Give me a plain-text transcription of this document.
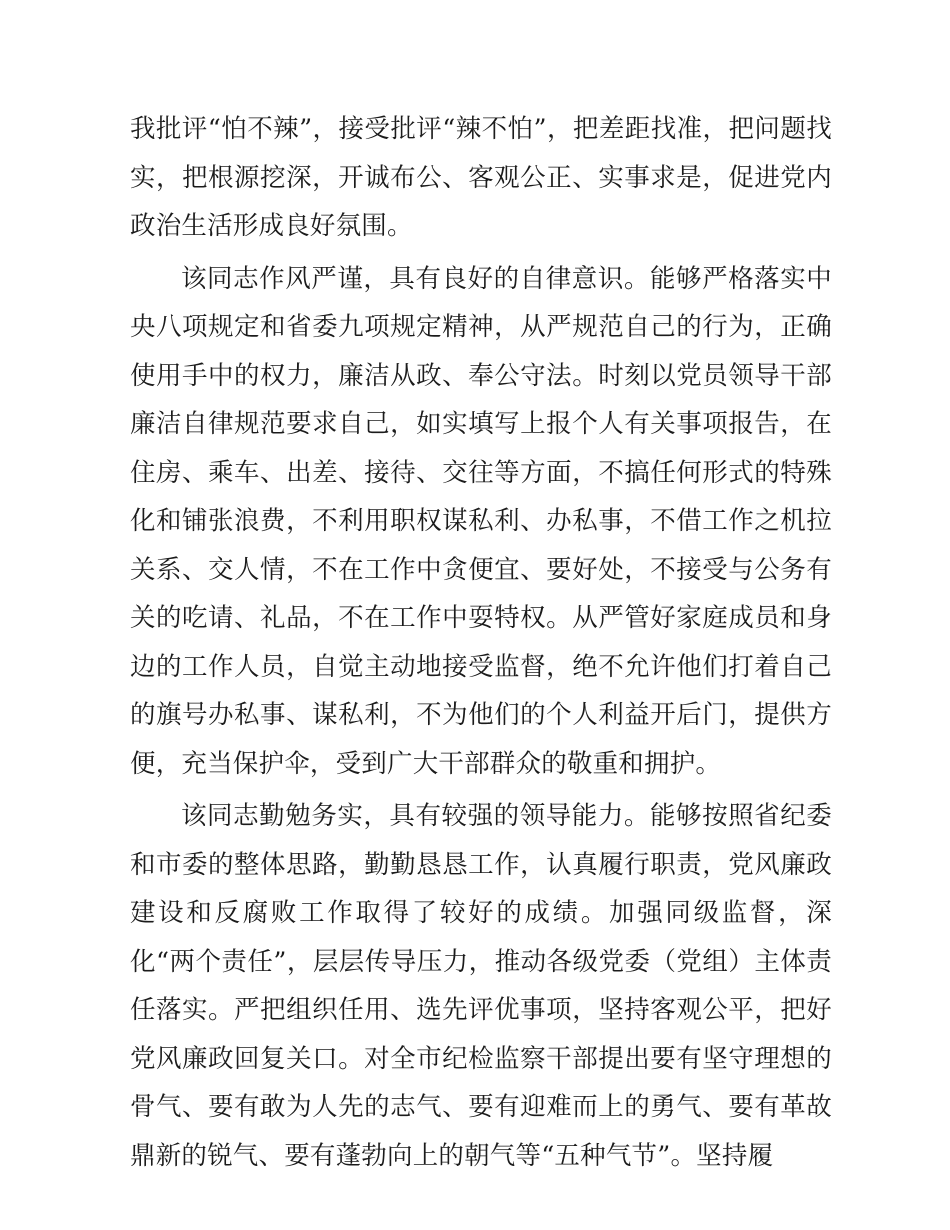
我批评“怕不辣”，接受批评“辣不怕”，把差距找准，把问题找实，把根源挖深，开诚布公、客观公正、实事求是，促进党内政治生活形成良好氛围。

该同志作风严谨，具有良好的自律意识。能够严格落实中央八项规定和省委九项规定精神，从严规范自己的行为，正确使用手中的权力，廉洁从政、奉公守法。时刻以党员领导干部廉洁自律规范要求自己，如实填写上报个人有关事项报告，在住房、乘车、出差、接待、交往等方面，不搞任何形式的特殊化和铺张浪费，不利用职权谋私利、办私事，不借工作之机拉关系、交人情，不在工作中贪便宜、要好处，不接受与公务有关的吃请、礼品，不在工作中耍特权。从严管好家庭成员和身边的工作人员，自觉主动地接受监督，绝不允许他们打着自己的旗号办私事、谋私利，不为他们的个人利益开后门，提供方便，充当保护伞，受到广大干部群众的敬重和拥护。

该同志勤勉务实，具有较强的领导能力。能够按照省纪委和市委的整体思路，勤勤恳恳工作，认真履行职责，党风廉政建设和反腐败工作取得了较好的成绩。加强同级监督，深化“两个责任”，层层传导压力，推动各级党委（党组）主体责任落实。严把组织任用、选先评优事项，坚持客观公平，把好党风廉政回复关口。对全市纪检监察干部提出要有坚守理想的骨气、要有敢为人先的志气、要有迎难而上的勇气、要有革故鼎新的锐气、要有蓬勃向上的朝气等“五种气节”。坚持履
